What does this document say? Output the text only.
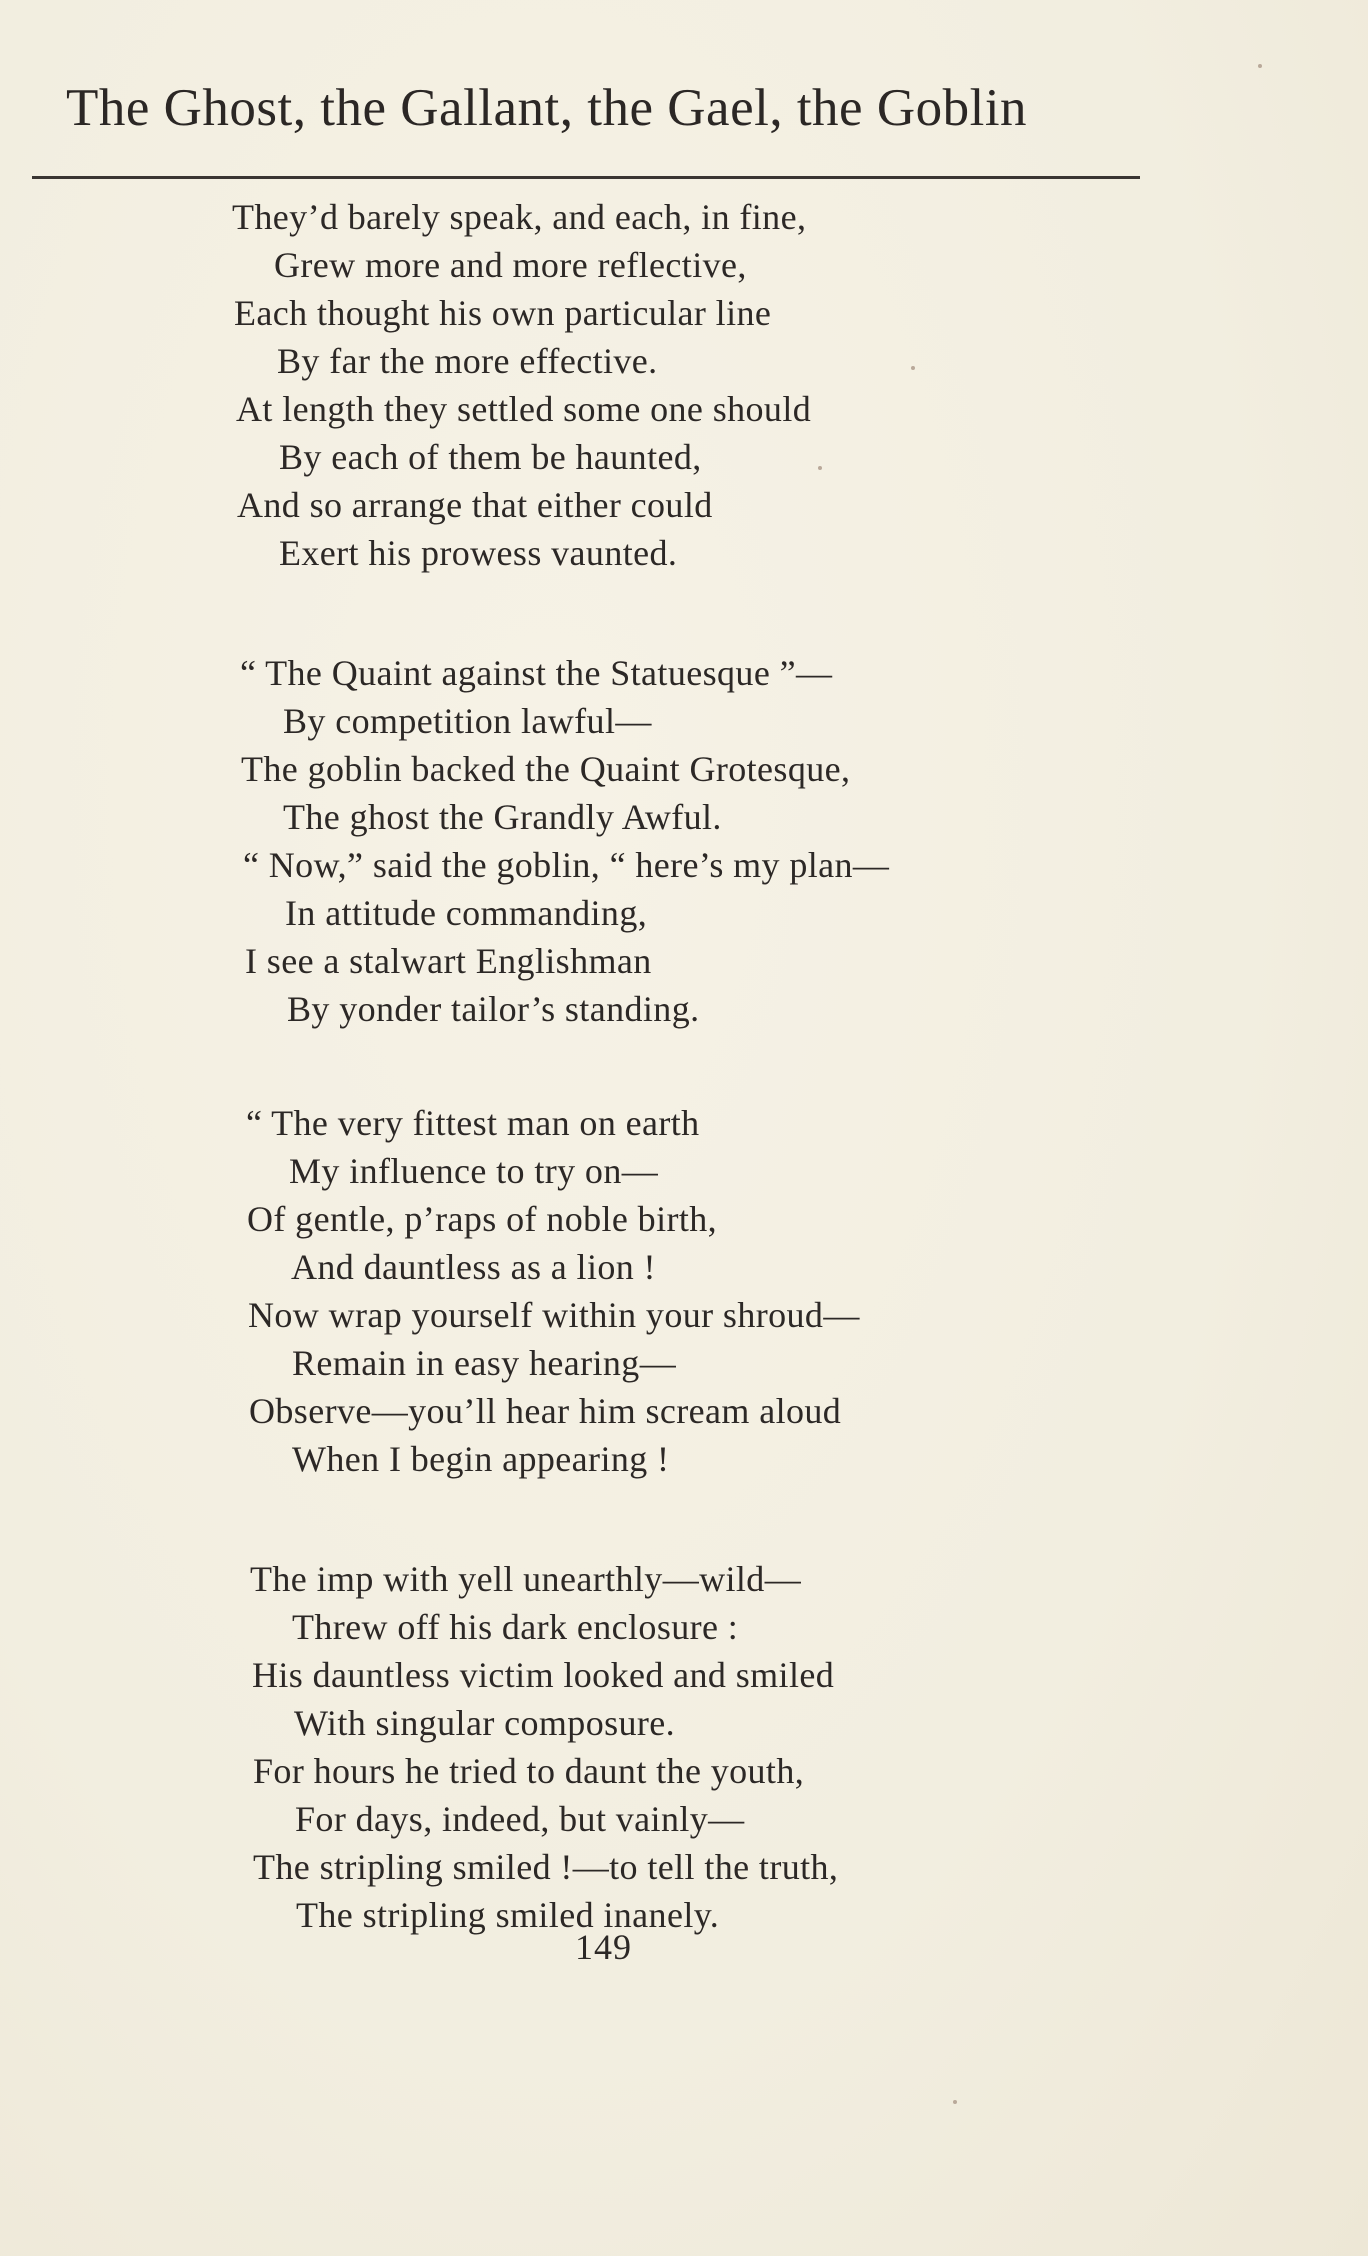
The Ghost, the Gallant, the Gael, the Goblin
They’d barely speak, and each, in fine,
Grew more and more reflective,
Each thought his own particular line
By far the more effective.
At length they settled some one should
By each of them be haunted,
And so arrange that either could
Exert his prowess vaunted.
“ The Quaint against the Statuesque ”—
By competition lawful—
The goblin backed the Quaint Grotesque,
The ghost the Grandly Awful.
“ Now,” said the goblin, “ here’s my plan—
In attitude commanding,
I see a stalwart Englishman
By yonder tailor’s standing.
“ The very fittest man on earth
My influence to try on—
Of gentle, p’raps of noble birth,
And dauntless as a lion !
Now wrap yourself within your shroud—
Remain in easy hearing—
Observe—you’ll hear him scream aloud
When I begin appearing !
The imp with yell unearthly—wild—
Threw off his dark enclosure :
His dauntless victim looked and smiled
With singular composure.
For hours he tried to daunt the youth,
For days, indeed, but vainly—
The stripling smiled !—to tell the truth,
The stripling smiled inanely.
149
